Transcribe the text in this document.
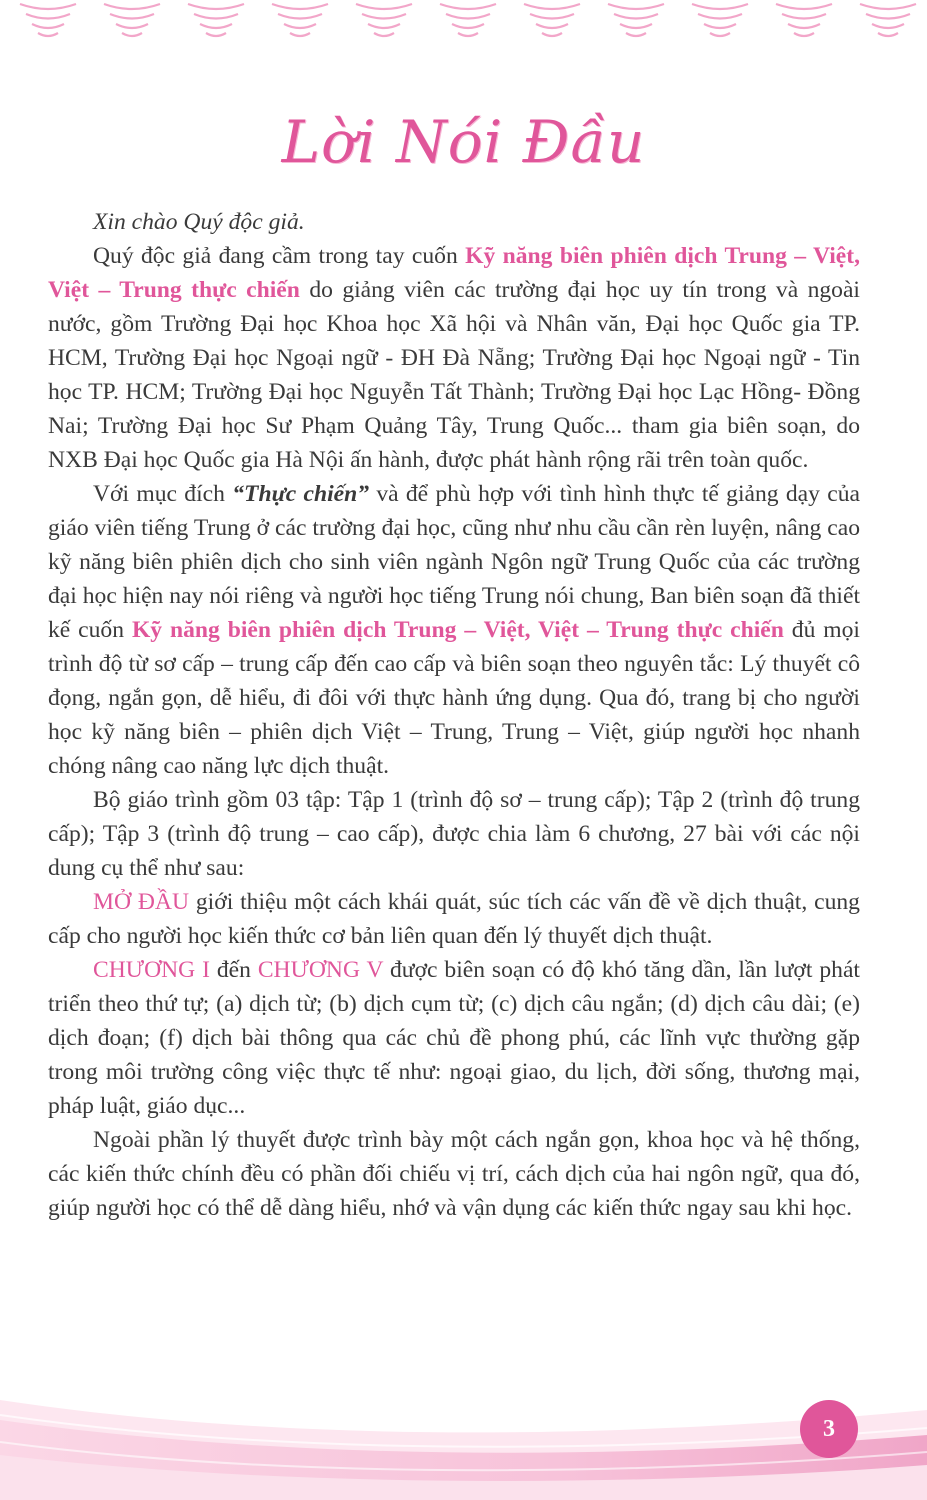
Lời Nói Đầu

Xin chào Quý độc giả.

Quý độc giả đang cầm trong tay cuốn Kỹ năng biên phiên dịch Trung – Việt, Việt – Trung thực chiến do giảng viên các trường đại học uy tín trong và ngoài nước, gồm Trường Đại học Khoa học Xã hội và Nhân văn, Đại học Quốc gia TP. HCM, Trường Đại học Ngoại ngữ - ĐH Đà Nẵng; Trường Đại học Ngoại ngữ - Tin học TP. HCM; Trường Đại học Nguyễn Tất Thành; Trường Đại học Lạc Hồng- Đồng Nai; Trường Đại học Sư Phạm Quảng Tây, Trung Quốc... tham gia biên soạn, do NXB Đại học Quốc gia Hà Nội ấn hành, được phát hành rộng rãi trên toàn quốc.

Với mục đích “Thực chiến” và để phù hợp với tình hình thực tế giảng dạy của giáo viên tiếng Trung ở các trường đại học, cũng như nhu cầu cần rèn luyện, nâng cao kỹ năng biên phiên dịch cho sinh viên ngành Ngôn ngữ Trung Quốc của các trường đại học hiện nay nói riêng và người học tiếng Trung nói chung, Ban biên soạn đã thiết kế cuốn Kỹ năng biên phiên dịch Trung – Việt, Việt – Trung thực chiến đủ mọi trình độ từ sơ cấp – trung cấp đến cao cấp và biên soạn theo nguyên tắc: Lý thuyết cô đọng, ngắn gọn, dễ hiểu, đi đôi với thực hành ứng dụng. Qua đó, trang bị cho người học kỹ năng biên – phiên dịch Việt – Trung, Trung – Việt, giúp người học nhanh chóng nâng cao năng lực dịch thuật.

Bộ giáo trình gồm 03 tập: Tập 1 (trình độ sơ – trung cấp); Tập 2 (trình độ trung cấp); Tập 3 (trình độ trung – cao cấp), được chia làm 6 chương, 27 bài với các nội dung cụ thể như sau:

MỞ ĐẦU giới thiệu một cách khái quát, súc tích các vấn đề về dịch thuật, cung cấp cho người học kiến thức cơ bản liên quan đến lý thuyết dịch thuật.

CHƯƠNG I đến CHƯƠNG V được biên soạn có độ khó tăng dần, lần lượt phát triển theo thứ tự; (a) dịch từ; (b) dịch cụm từ; (c) dịch câu ngắn; (d) dịch câu dài; (e) dịch đoạn; (f) dịch bài thông qua các chủ đề phong phú, các lĩnh vực thường gặp trong môi trường công việc thực tế như: ngoại giao, du lịch, đời sống, thương mại, pháp luật, giáo dục...

Ngoài phần lý thuyết được trình bày một cách ngắn gọn, khoa học và hệ thống, các kiến thức chính đều có phần đối chiếu vị trí, cách dịch của hai ngôn ngữ, qua đó, giúp người học có thể dễ dàng hiểu, nhớ và vận dụng các kiến thức ngay sau khi học.

3
